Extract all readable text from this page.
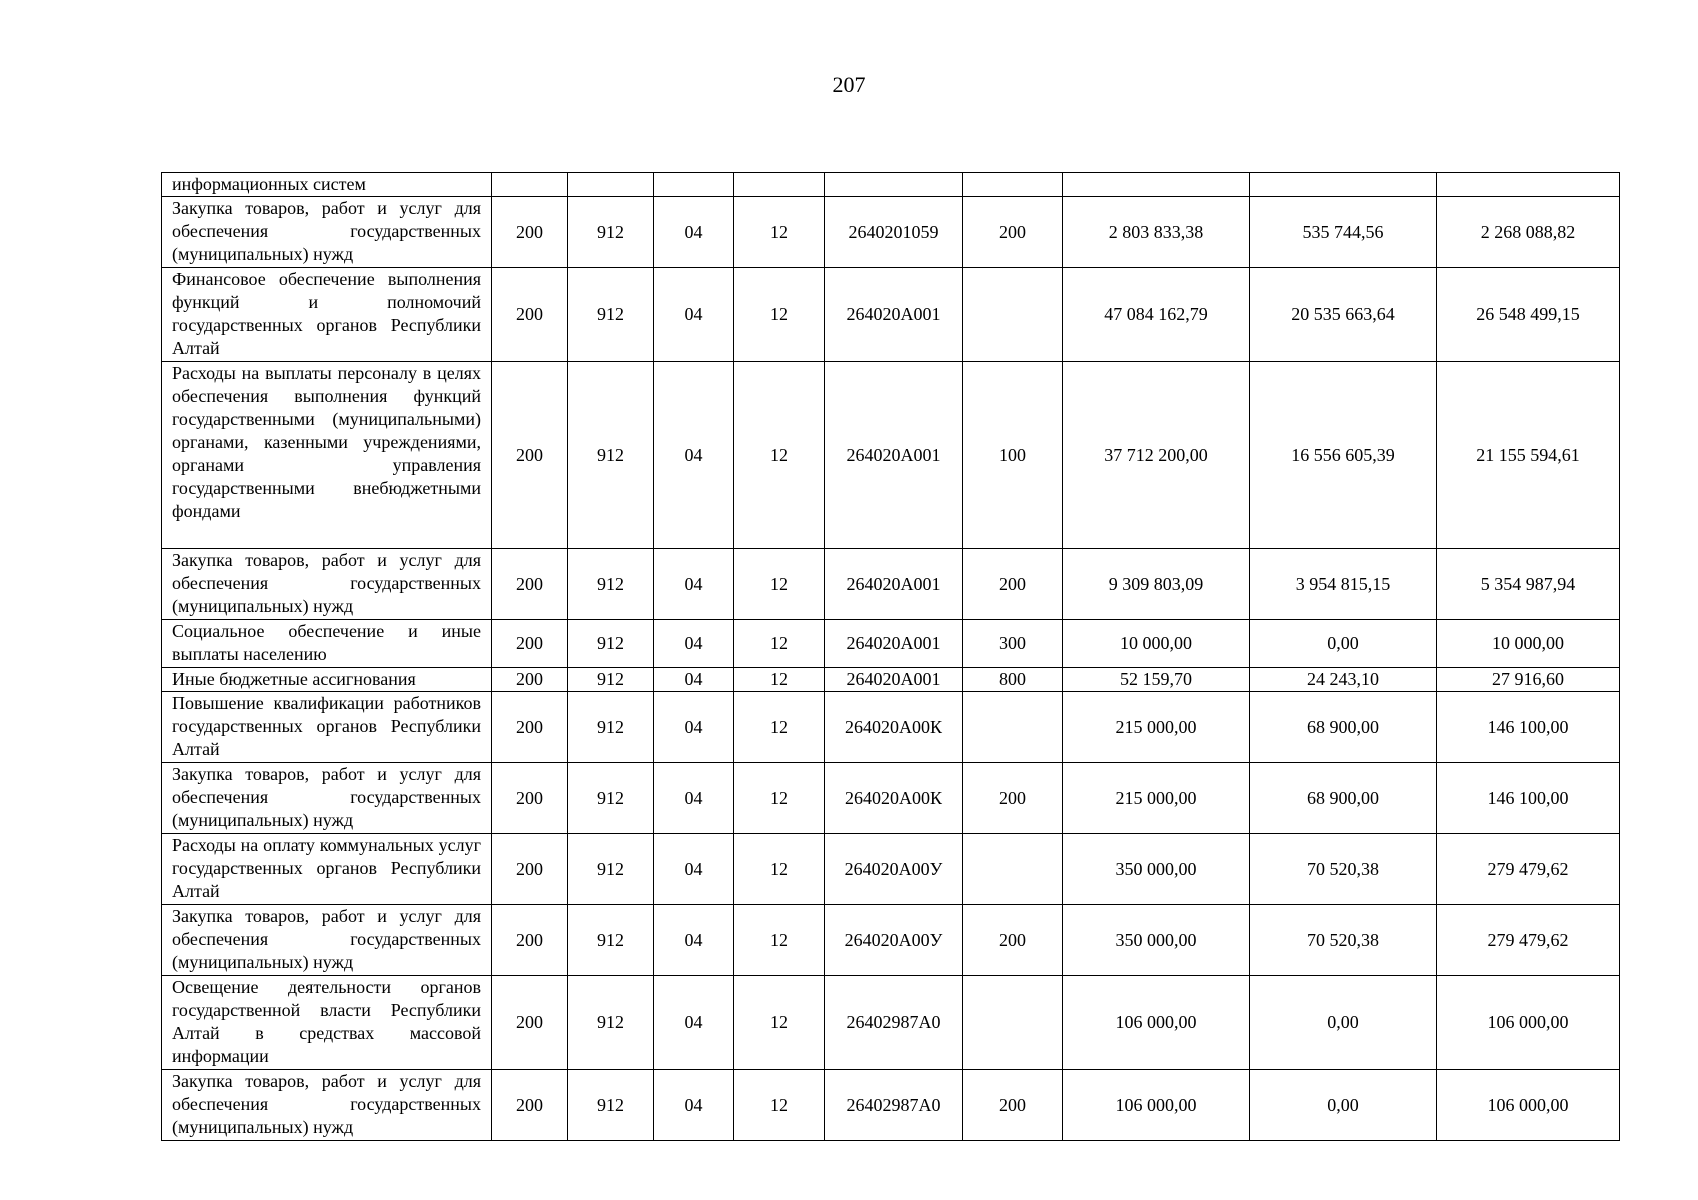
207
информационных систем									
Закупка товаров, работ и услуг для обеспечения государственных (муниципальных) нужд	200	912	04	12	2640201059	200	2 803 833,38	535 744,56	2 268 088,82
Финансовое обеспечение выполнения функций и полномочий государственных органов Республики Алтай	200	912	04	12	264020А001		47 084 162,79	20 535 663,64	26 548 499,15
Расходы на выплаты персоналу в целях обеспечения выполнения функций государственными (муниципальными) органами, казенными учреждениями, органами управления государственными внебюджетными фондами	200	912	04	12	264020А001	100	37 712 200,00	16 556 605,39	21 155 594,61
Закупка товаров, работ и услуг для обеспечения государственных (муниципальных) нужд	200	912	04	12	264020А001	200	9 309 803,09	3 954 815,15	5 354 987,94
Социальное обеспечение и иные выплаты населению	200	912	04	12	264020А001	300	10 000,00	0,00	10 000,00
Иные бюджетные ассигнования	200	912	04	12	264020А001	800	52 159,70	24 243,10	27 916,60
Повышение квалификации работников государственных органов Республики Алтай	200	912	04	12	264020А00К		215 000,00	68 900,00	146 100,00
Закупка товаров, работ и услуг для обеспечения государственных (муниципальных) нужд	200	912	04	12	264020А00К	200	215 000,00	68 900,00	146 100,00
Расходы на оплату коммунальных услуг государственных органов Республики Алтай	200	912	04	12	264020А00У		350 000,00	70 520,38	279 479,62
Закупка товаров, работ и услуг для обеспечения государственных (муниципальных) нужд	200	912	04	12	264020А00У	200	350 000,00	70 520,38	279 479,62
Освещение деятельности органов государственной власти Республики Алтай в средствах массовой информации	200	912	04	12	26402987А0		106 000,00	0,00	106 000,00
Закупка товаров, работ и услуг для обеспечения государственных (муниципальных) нужд	200	912	04	12	26402987А0	200	106 000,00	0,00	106 000,00
